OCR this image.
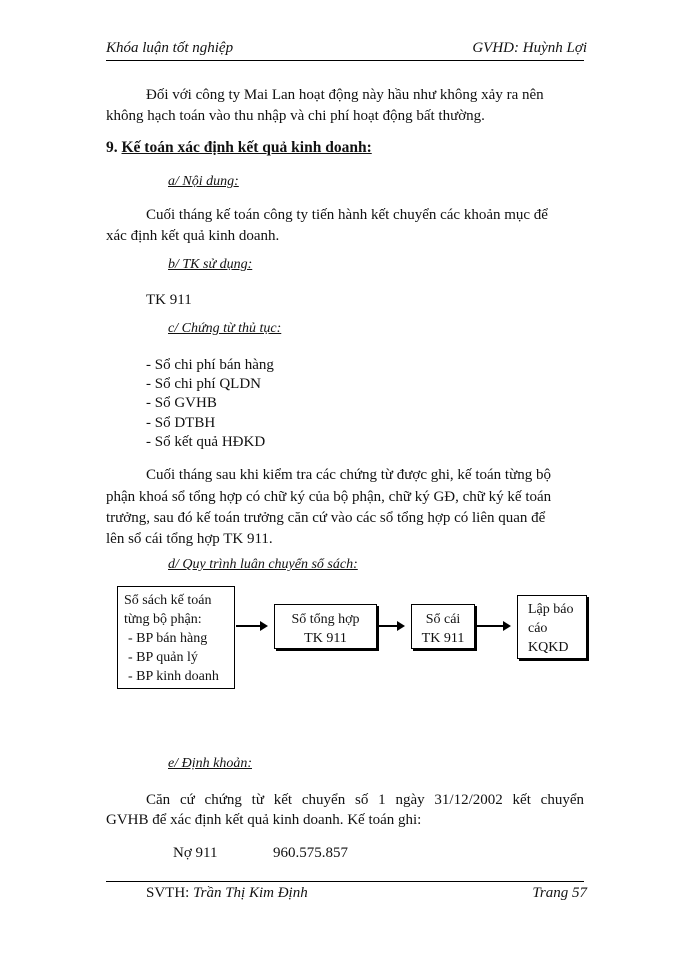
Khóa luận tốt nghiệp	GVHD: Huỳnh Lợi
Đối với công ty Mai Lan hoạt động này hầu như không xảy ra nên
không hạch toán vào thu nhập và chi phí hoạt động bất thường.
9. Kế toán xác định kết quả kinh doanh:
a/ Nội dung:
Cuối tháng kế toán công ty tiến hành kết chuyển các khoản mục để
xác định kết quả kinh doanh.
b/ TK sử dụng:
TK 911
c/ Chứng từ thủ tục:
- Sổ chi phí bán hàng
- Sổ chi phí QLDN
- Sổ GVHB
- Sổ DTBH
- Sổ kết quả HĐKD
Cuối tháng sau khi kiểm tra các chứng từ được ghi, kế toán từng bộ
phận khoá sổ tổng hợp có chữ ký của bộ phận, chữ ký GĐ, chữ ký kế toán
trưởng, sau đó kế toán trưởng căn cứ vào các sổ tổng hợp có liên quan để
lên sổ cái tổng hợp TK 911.
d/ Quy trình luân chuyển sổ sách:
Sổ sách kế toán
từng bộ phận:
- BP bán hàng
- BP quản lý
- BP kinh doanh
Sổ tổng hợp
TK 911
Sổ cái
TK 911
Lập báo
cáo
KQKD
e/ Định khoản:
Căn cứ chứng từ kết chuyển số 1 ngày 31/12/2002 kết chuyển
GVHB để xác định kết quả kinh doanh. Kế toán ghi:
Nợ 911	960.575.857
SVTH: Trần Thị Kim Định	Trang 57
